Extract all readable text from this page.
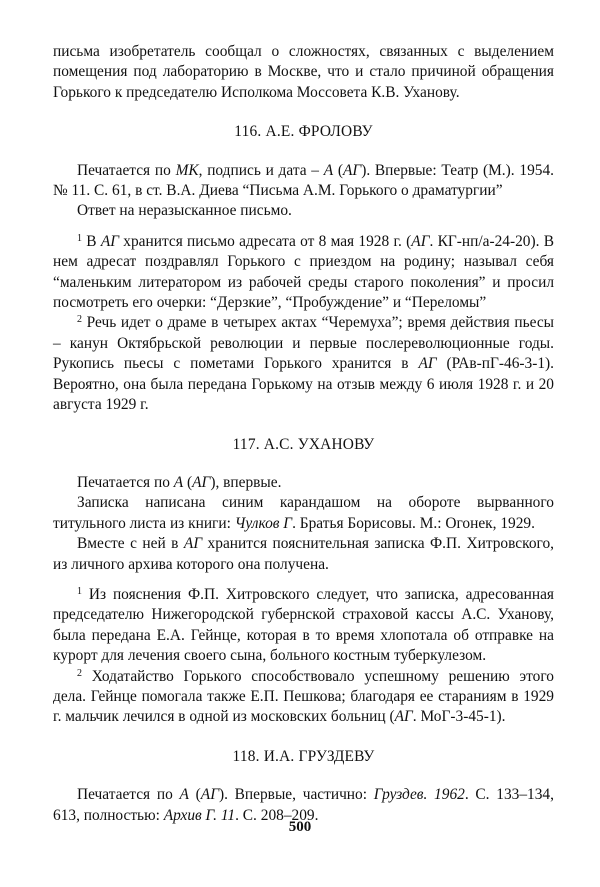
письма изобретатель сообщал о сложностях, связанных с выделением помещения под лабораторию в Москве, что и стало причиной обращения Горького к председателю Исполкома Моссовета К.В. Уханову.

116. А.Е. ФРОЛОВУ

Печатается по МК, подпись и дата – А (АГ). Впервые: Театр (М.). 1954. № 11. С. 61, в ст. В.А. Диева “Письма А.М. Горького о драматургии”

Ответ на неразысканное письмо.

$^1$ В АГ хранится письмо адресата от 8 мая 1928 г. (АГ. КГ-нп/а-24-20). В нем адресат поздравлял Горького с приездом на родину; называл себя “маленьким литератором из рабочей среды старого поколения” и просил посмотреть его очерки: “Дерзкие”, “Пробуждение” и “Переломы”

$^2$ Речь идет о драме в четырех актах “Черемуха”; время действия пьесы – канун Октябрьской революции и первые послереволюционные годы. Рукопись пьесы с пометами Горького хранится в АГ (РАв-пГ-46-3-1). Вероятно, она была передана Горькому на отзыв между 6 июля 1928 г. и 20 августа 1929 г.

117. А.С. УХАНОВУ

Печатается по А (АГ), впервые.

Записка написана синим карандашом на обороте вырванного титульного листа из книги: Чулков Г. Братья Борисовы. М.: Огонек, 1929.

Вместе с ней в АГ хранится пояснительная записка Ф.П. Хитровского, из личного архива которого она получена.

$^1$ Из пояснения Ф.П. Хитровского следует, что записка, адресованная председателю Нижегородской губернской страховой кассы А.С. Уханову, была передана Е.А. Гейнце, которая в то время хлопотала об отправке на курорт для лечения своего сына, больного костным туберкулезом.

$^2$ Ходатайство Горького способствовало успешному решению этого дела. Гейнце помогала также Е.П. Пешкова; благодаря ее стараниям в 1929 г. мальчик лечился в одной из московских больниц (АГ. МоГ-3-45-1).

118. И.А. ГРУЗДЕВУ

Печатается по А (АГ). Впервые, частично: Груздев. 1962. С. 133–134, 613, полностью: Архив Г. 11. С. 208–209.

500
